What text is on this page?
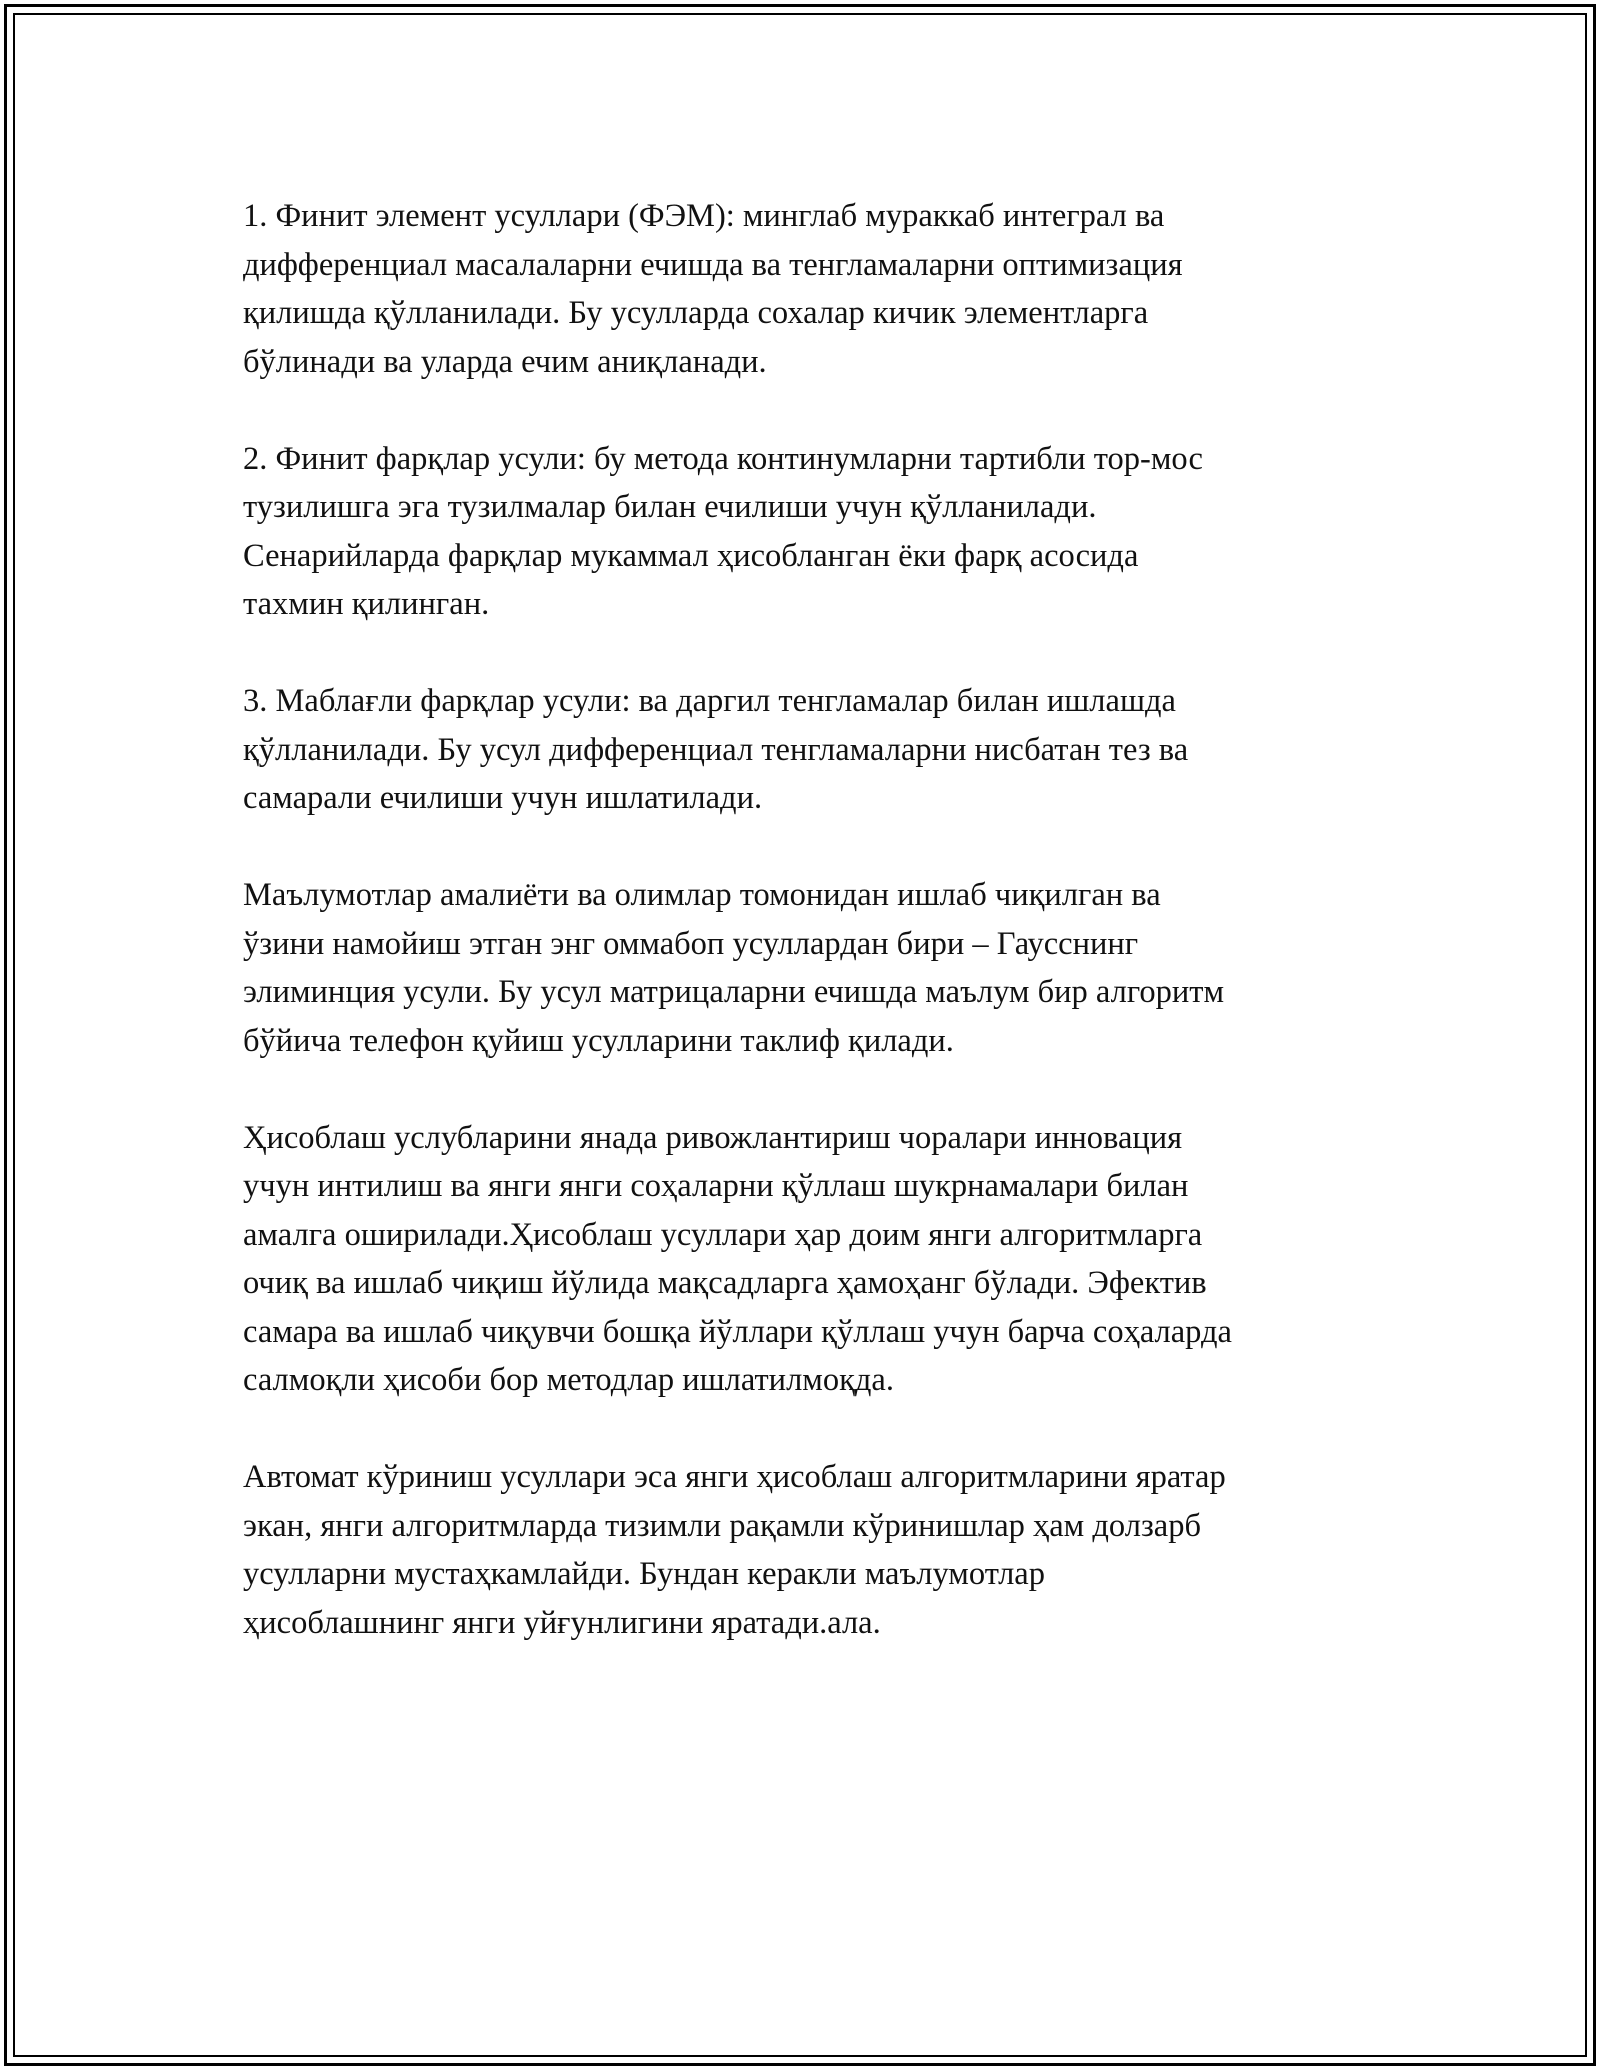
1. Финит элемент усуллари (ФЭМ): минглаб мураккаб интеграл ва
дифференциал масалаларни ечишда ва тенгламаларни оптимизация
қилишда қўлланилади. Бу усулларда сохалар кичик элементларга
бўлинади ва уларда ечим аниқланади.

2. Финит фарқлар усули: бу метода континумларни тартибли тор-мос
тузилишга эга тузилмалар билан ечилиши учун қўлланилади.
Сенарийларда фарқлар мукаммал ҳисобланган ёки фарқ асосида
тахмин қилинган.

3. Маблағли фарқлар усули: ва даргил тенгламалар билан ишлашда
қўлланилади. Бу усул дифференциал тенгламаларни нисбатан тез ва
самарали ечилиши учун ишлатилади.

Маълумотлар амалиёти ва олимлар томонидан ишлаб чиқилган ва
ўзини намойиш этган энг оммабоп усуллардан бири – Гаусснинг
элиминция усули. Бу усул матрицаларни ечишда маълум бир алгоритм
бўйича телефон қуйиш усулларини таклиф қилади.

Ҳисоблаш услубларини янада ривожлантириш чоралари инновация
учун интилиш ва янги янги соҳаларни қўллаш шукрнамалари билан
амалга оширилади.Ҳисоблаш усуллари ҳар доим янги алгоритмларга
очиқ ва ишлаб чиқиш йўлида мақсадларга ҳамоҳанг бўлади. Эфектив
самара ва ишлаб чиқувчи бошқа йўллари қўллаш учун барча соҳаларда
салмоқли ҳисоби бор методлар ишлатилмоқда.

Автомат кўриниш усуллари эса янги ҳисоблаш алгоритмларини яратар
экан, янги алгоритмларда тизимли рақамли кўринишлар ҳам долзарб
усулларни мустаҳкамлайди. Бундан керакли маълумотлар
ҳисоблашнинг янги уйғунлигини яратади.ала.
